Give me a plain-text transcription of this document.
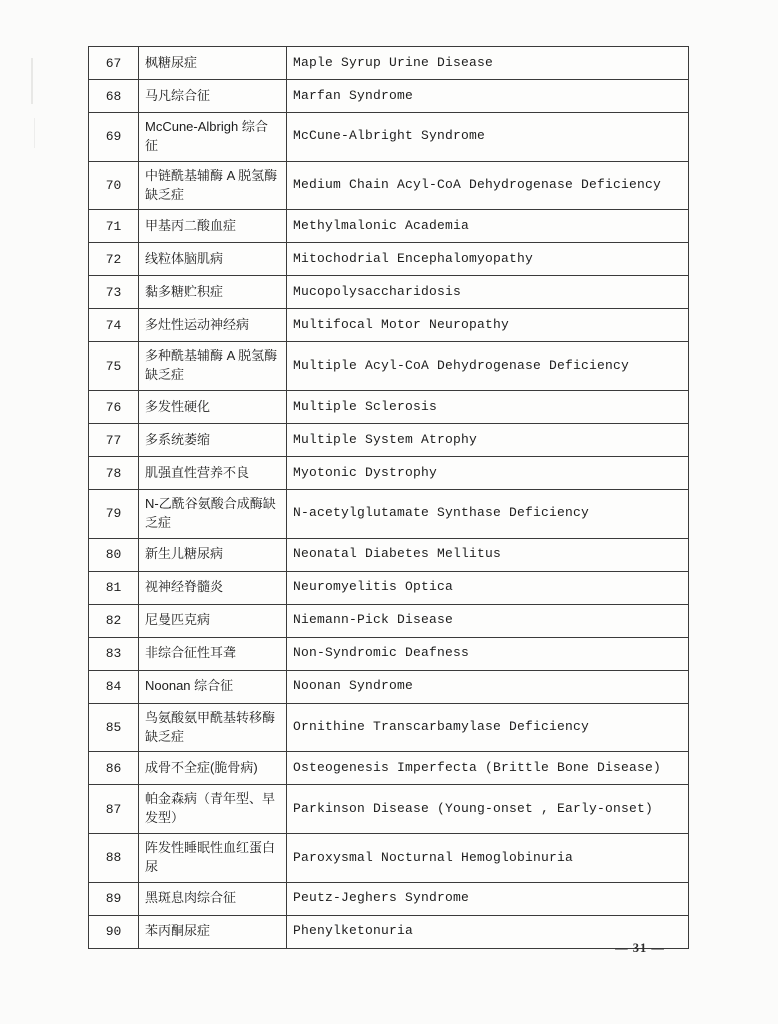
67	枫糖尿症	Maple Syrup Urine Disease
68	马凡综合征	Marfan Syndrome
69	McCune-Albrigh 综合征	McCune-Albright Syndrome
70	中链酰基辅酶 A 脱氢酶缺乏症	Medium Chain Acyl-CoA Dehydrogenase Deficiency
71	甲基丙二酸血症	Methylmalonic Academia
72	线粒体脑肌病	Mitochodrial Encephalomyopathy
73	黏多糖贮积症	Mucopolysaccharidosis
74	多灶性运动神经病	Multifocal Motor Neuropathy
75	多种酰基辅酶 A 脱氢酶缺乏症	Multiple Acyl-CoA Dehydrogenase Deficiency
76	多发性硬化	Multiple Sclerosis
77	多系统萎缩	Multiple System Atrophy
78	肌强直性营养不良	Myotonic Dystrophy
79	N-乙酰谷氨酸合成酶缺乏症	N-acetylglutamate Synthase Deficiency
80	新生儿糖尿病	Neonatal Diabetes Mellitus
81	视神经脊髓炎	Neuromyelitis Optica
82	尼曼匹克病	Niemann-Pick Disease
83	非综合征性耳聋	Non-Syndromic Deafness
84	Noonan 综合征	Noonan Syndrome
85	鸟氨酸氨甲酰基转移酶缺乏症	Ornithine Transcarbamylase Deficiency
86	成骨不全症(脆骨病)	Osteogenesis Imperfecta (Brittle Bone Disease)
87	帕金森病（青年型、早发型）	Parkinson Disease (Young-onset , Early-onset)
88	阵发性睡眠性血红蛋白尿	Paroxysmal Nocturnal Hemoglobinuria
89	黑斑息肉综合征	Peutz-Jeghers Syndrome
90	苯丙酮尿症	Phenylketonuria
— 31 —
